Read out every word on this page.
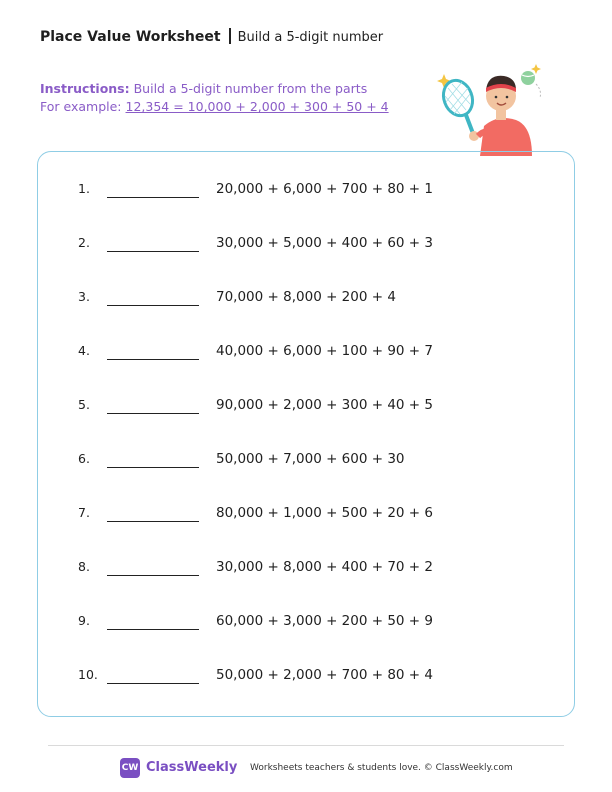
Place Value Worksheet Build a 5-digit number
Instructions: Build a 5-digit number from the parts
For example: 12,354 = 10,000 + 2,000 + 300 + 50 + 4
1.	20,000 + 6,000 + 700 + 80 + 1
2.	30,000 + 5,000 + 400 + 60 + 3
3.	70,000 + 8,000 + 200 + 4
4.	40,000 + 6,000 + 100 + 90 + 7
5.	90,000 + 2,000 + 300 + 40 + 5
6.	50,000 + 7,000 + 600 + 30
7.	80,000 + 1,000 + 500 + 20 + 6
8.	30,000 + 8,000 + 400 + 70 + 2
9.	60,000 + 3,000 + 200 + 50 + 9
10.	50,000 + 2,000 + 700 + 80 + 4
CW ClassWeekly Worksheets teachers & students love. © ClassWeekly.com
